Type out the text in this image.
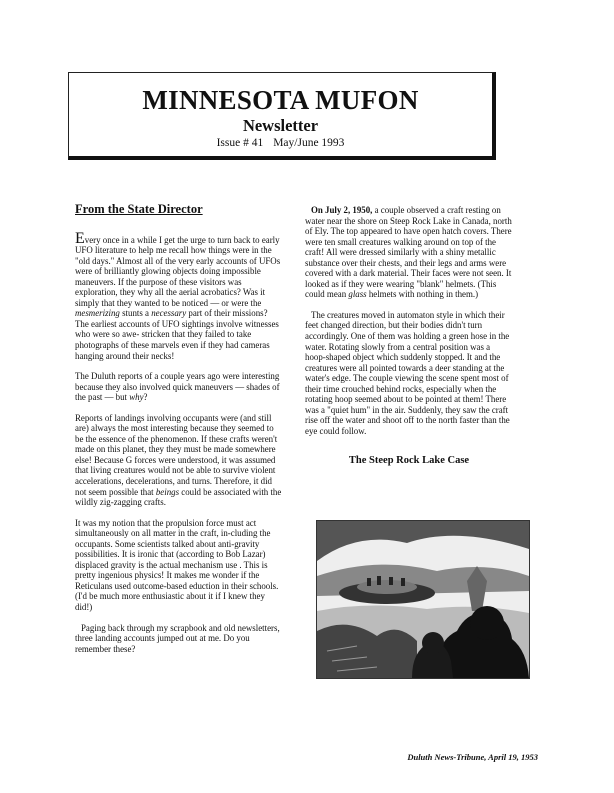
MINNESOTA MUFON
Newsletter
Issue # 41 May/June 1993
From the State Director

Every once in a while I get the urge to turn back to early UFO literature to help me recall how things were in the "old days." Almost all of the very early accounts of UFOs were of brilliantly glowing objects doing impossible maneuvers. If the purpose of these visitors was exploration, they why all the aerial acrobatics? Was it simply that they wanted to be noticed — or were the mesmerizing stunts a necessary part of their missions? The earliest accounts of UFO sightings involve witnesses who were so awe- stricken that they failed to take photographs of these marvels even if they had cameras hanging around their necks!

The Duluth reports of a couple years ago were interesting because they also involved quick maneuvers — shades of the past — but why?

Reports of landings involving occupants were (and still are) always the most interesting because they seemed to be the essence of the phenomenon. If these crafts weren't made on this planet, they they must be made somewhere else! Because G forces were understood, it was assumed that living creatures would not be able to survive violent accelerations, decelerations, and turns. Therefore, it did not seem possible that beings could be associated with the wildly zig-zagging crafts.

It was my notion that the propulsion force must act simultaneously on all matter in the craft, in-cluding the occupants. Some scientists talked about anti-gravity possibilities. It is ironic that (according to Bob Lazar) displaced gravity is the actual mechanism use . This is pretty ingenious physics! It makes me wonder if the Reticulans used outcome-based eduction in their schools. (I'd be much more enthusiastic about it if I knew they did!)

Paging back through my scrapbook and old newsletters, three landing accounts jumped out at me. Do you remember these?

On July 2, 1950, a couple observed a craft resting on water near the shore on Steep Rock Lake in Canada, north of Ely. The top appeared to have open hatch covers. There were ten small creatures walking around on top of the craft! All were dressed similarly with a shiny metallic substance over their chests, and their legs and arms were covered with a dark material. Their faces were not seen. It looked as if they were wearing "blank" helmets. (This could mean glass helmets with nothing in them.)

The creatures moved in automaton style in which their feet changed direction, but their bodies didn't turn accordingly. One of them was holding a green hose in the water. Rotating slowly from a central position was a hoop-shaped object which suddenly stopped. It and the creatures were all pointed towards a deer standing at the water's edge. The couple viewing the scene spent most of their time crouched behind rocks, especially when the rotating hoop seemed about to be pointed at them! There was a "quiet hum" in the air. Suddenly, they saw the craft rise off the water and shoot off to the north faster than the eye could follow.

The Steep Rock Lake Case
Duluth News-Tribune, April 19, 1953
